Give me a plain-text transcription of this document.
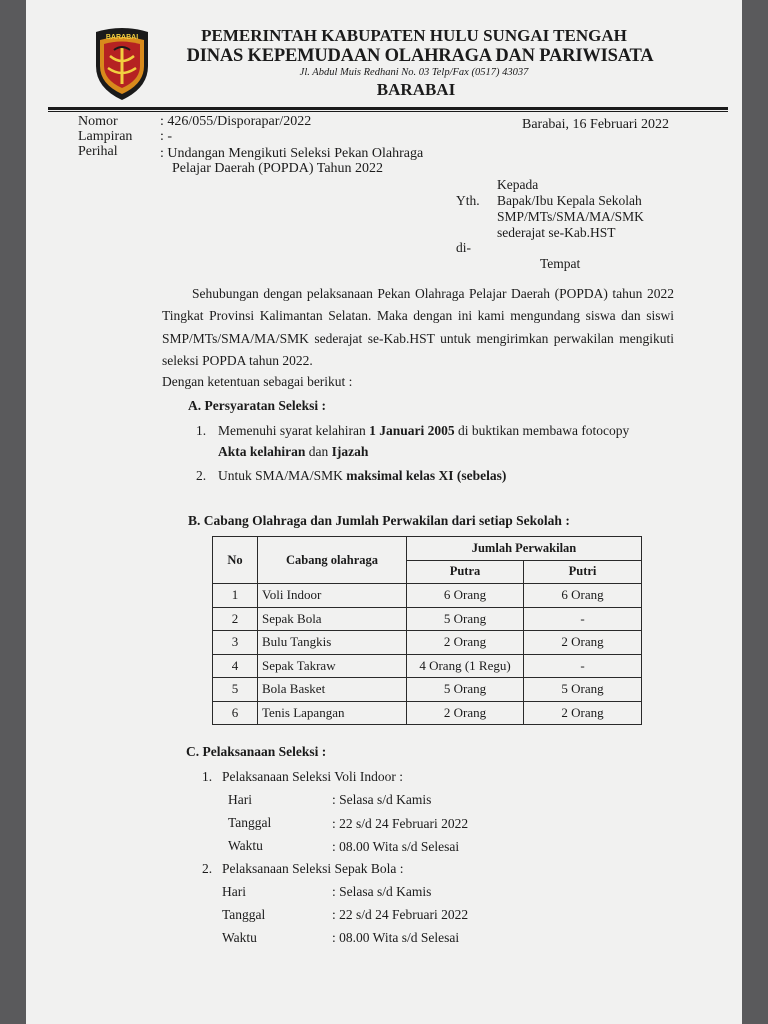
BARABAI	PEMERINTAH KABUPATEN HULU SUNGAI TENGAH
DINAS KEPEMUDAAN OLAHRAGA DAN PARIWISATA
Jl. Abdul Muis Redhani No. 03 Telp/Fax (0517) 43037
BARABAI
Nomor	: 426/055/Disporapar/2022	Barabai, 16 Februari 2022
Lampiran : -
Perihal	: Undangan Mengikuti Seleksi Pekan Olahraga
Pelajar Daerah (POPDA) Tahun 2022
Kepada
Yth. Bapak/Ibu Kepala Sekolah
SMP/MTs/SMA/MA/SMK
sederajat se-Kab.HST
di-
Tempat
Sehubungan dengan pelaksanaan Pekan Olahraga Pelajar Daerah (POPDA) tahun 2022 Tingkat Provinsi Kalimantan Selatan. Maka dengan ini kami mengundang siswa dan siswi SMP/MTs/SMA/MA/SMK sederajat se-Kab.HST untuk mengirimkan perwakilan mengikuti seleksi POPDA tahun 2022.
Dengan ketentuan sebagai berikut :
A. Persyaratan Seleksi :
1. Memenuhi syarat kelahiran 1 Januari 2005 di buktikan membawa fotocopy
Akta kelahiran dan Ijazah
2. Untuk SMA/MA/SMK maksimal kelas XI (sebelas)
B. Cabang Olahraga dan Jumlah Perwakilan dari setiap Sekolah :
No	Cabang olahraga	Jumlah Perwakilan	
		Putra	Putri
1	Voli Indoor	6 Orang	6 Orang
2	Sepak Bola	5 Orang	-
3	Bulu Tangkis	2 Orang	2 Orang
4	Sepak Takraw	4 Orang (1 Regu)	-
5	Bola Basket	5 Orang	5 Orang
6	Tenis Lapangan	2 Orang	2 Orang
C. Pelaksanaan Seleksi :
1. Pelaksanaan Seleksi Voli Indoor :
Hari	: Selasa s/d Kamis
Tanggal	: 22 s/d 24 Februari 2022
Waktu	: 08.00 Wita s/d Selesai
2. Pelaksanaan Seleksi Sepak Bola :
Hari	: Selasa s/d Kamis
Tanggal	: 22 s/d 24 Februari 2022
Waktu	: 08.00 Wita s/d Selesai
